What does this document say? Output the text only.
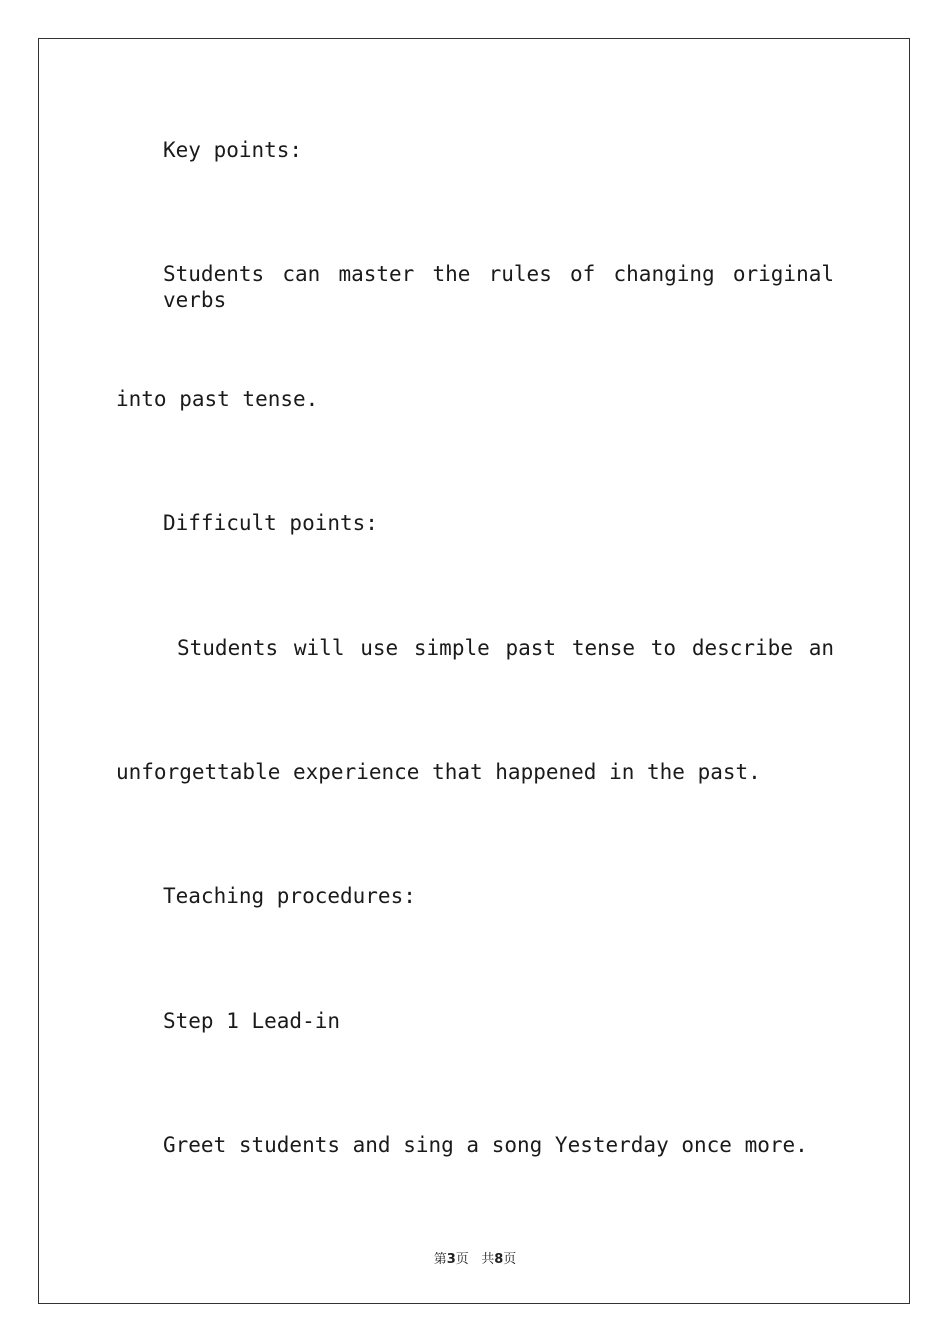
Key points:
Students can master the rules of changing original verbs
into past tense.
Difficult points:
Students will use simple past tense to describe an
unforgettable experience that happened in the past.
Teaching procedures:
Step 1 Lead-in
Greet students and sing a song Yesterday once more.
第3页 共8页
